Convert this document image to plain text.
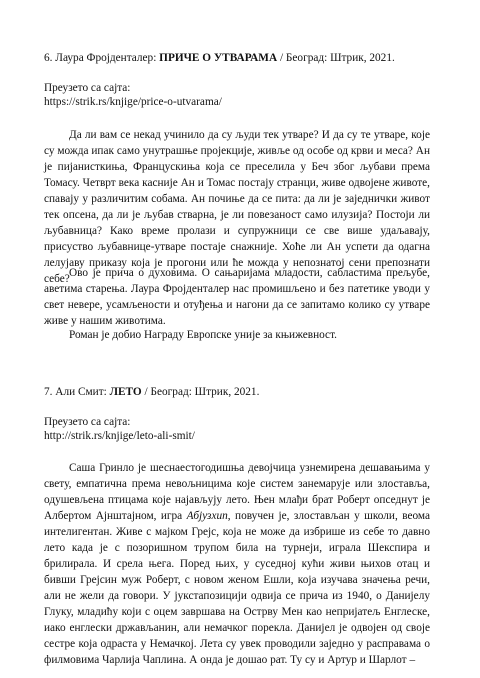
6. Лаура Фројденталер: ПРИЧЕ О УТВАРАМА / Београд: Штрик, 2021.
Преузето са сајта:
https://strik.rs/knjige/price-o-utvarama/

Да ли вам се некад учинило да су људи тек утваре? И да су те утваре, које су можда ипак само унутрашње пројекције, живље од особе од крви и меса? Ан је пијанисткиња, Францускиња која се преселила у Беч због љубави према Томасу. Четврт века касније Ан и Томас постају странци, живе одвојене животе, спавају у различитим собама. Ан почиње да се пита: да ли је заједнички живот тек опсена, да ли је љубав стварна, је ли повезаност само илузија? Постоји ли љубавница? Како време пролази и супружници се све више удаљавају, присуство љубавнице-утваре постаје снажније. Хоће ли Ан успети да одагна лелујаву приказу која је прогони или ће можда у непознатој сени препознати себе? Ово је прича о духовима. О сањаријама младости, сабластима прељубе, аветима старења. Лаура Фројденталер нас промишљено и без патетике уводи у свет невере, усамљености и отуђења и нагони да се запитамо колико су утваре живе у нашим животима.

Роман је добио Награду Европске уније за књижевност.

7. Али Смит: ЛЕТО / Београд: Штрик, 2021.
Преузето са сајта:
http://strik.rs/knjige/leto-ali-smit/

Саша Гринло је шеснаестогодишња девојчица узнемирена дешавањима у свету, емпатична према невољницима које систем занемарује или злоставља, одушевљена птицама које најављују лето. Њен млађи брат Роберт опседнут је Албертом Ајнштајном, игра Абјузхип, повучен је, злостављан у школи, веома интелигентан. Живе с мајком Грејс, која не може да избрише из себе то давно лето када је с позоришном трупом била на турнеји, играла Шекспира и брилирала. И срела њега. Поред њих, у суседној кући живи њихов отац и бивши Грејсин муж Роберт, с новом женом Ешли, која изучава значења речи, али не жели да говори. У јукстапозицији одвија се прича из 1940, о Данијелу Глуку, младићу који с оцем завршава на Острву Мен као непријатељ Енглеске, иако енглески држављанин, али немачког порекла. Данијел је одвојен од своје сестре која одраста у Немачкој. Лета су увек проводили заједно у расправама о филмовима Чарлија Чаплина. А онда је дошао рат. Ту су и Артур и Шарлот –
